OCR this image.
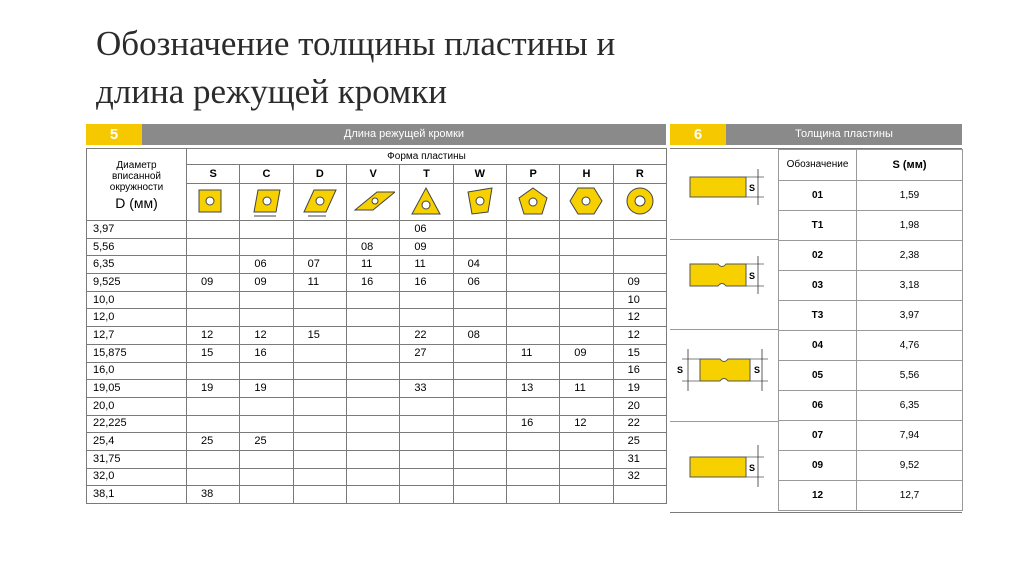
Обозначение толщины пластины и
длина режущей кромки
5	Длина режущей кромки
Диаметр
вписанной
окружности
D (мм)	Форма пластины								
	S	C	D	V	T	W	P	H	R

3,97					06				
5,56				08	09				
6,35		06	07	11	11	04			
9,525	09	09	11	16	16	06			09
10,0									10
12,0									12
12,7	12	12	15		22	08			12
15,875	15	16			27		11	09	15
16,0									16
19,05	19	19			33		13	11	19
20,0									20
22,225							16	12	22
25,4	25	25							25
31,75									31
32,0									32
38,1	38								
6	Толщина пластины
S
S
S	S
S
Обозначение	S (мм)
01	1,59
T1	1,98
02	2,38
03	3,18
T3	3,97
04	4,76
05	5,56
06	6,35
07	7,94
09	9,52
12	12,7
